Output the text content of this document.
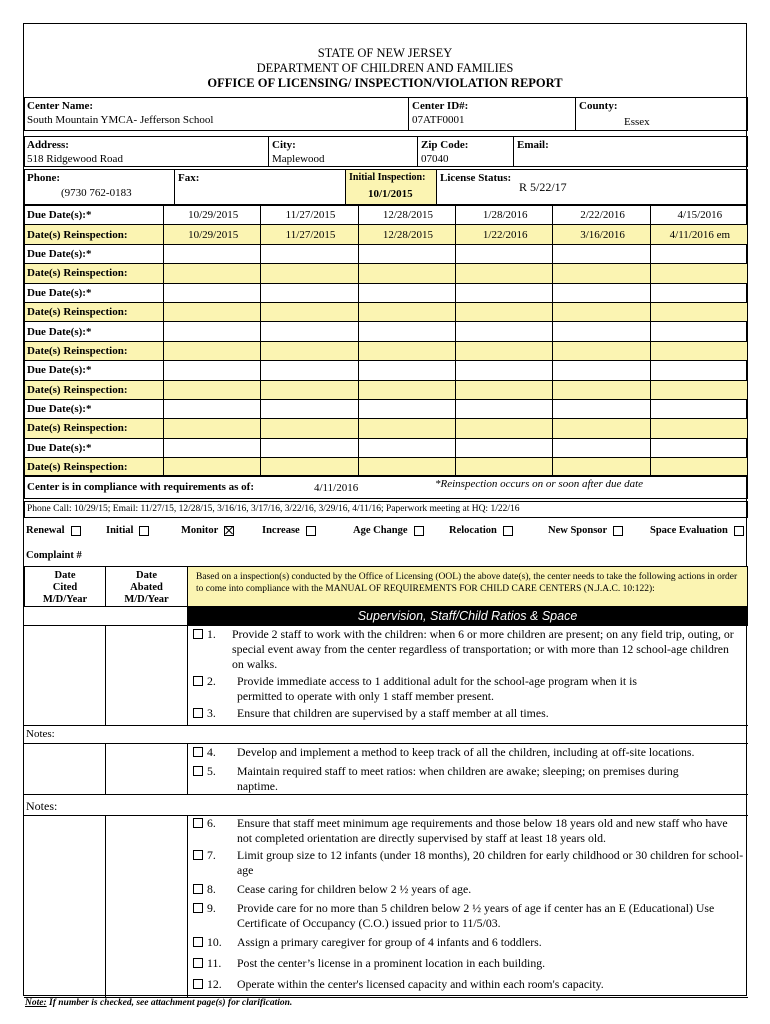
STATE OF NEW JERSEY
DEPARTMENT OF CHILDREN AND FAMILIES
OFFICE OF LICENSING/ INSPECTION/VIOLATION REPORT
Center Name:
South Mountain YMCA- Jefferson School
Center ID#:
07ATF0001
County:
Essex
Address:
518 Ridgewood Road
City:
Maplewood
Zip Code:
07040
Email:
Phone:
(9730 762-0183
Fax:	Initial Inspection:
10/1/2015
License Status:
R 5/22/17
Due Date(s):*	10/29/2015	11/27/2015	12/28/2015	1/28/2016	2/22/2016	4/15/2016
Date(s) Reinspection:	10/29/2015	11/27/2015	12/28/2015	1/22/2016	3/16/2016	4/11/2016 em
Due Date(s):*						
Date(s) Reinspection:						
Due Date(s):*						
Date(s) Reinspection:						
Due Date(s):*						
Date(s) Reinspection:						
Due Date(s):*						
Date(s) Reinspection:						
Due Date(s):*						
Date(s) Reinspection:						
Due Date(s):*						
Date(s) Reinspection:						
Center is in compliance with requirements as of:	4/11/2016	*Reinspection occurs on or soon after due date
Phone Call: 10/29/15; Email: 11/27/15, 12/28/15, 3/16/16, 3/17/16, 3/22/16, 3/29/16, 4/11/16; Paperwork meeting at HQ: 1/22/16
Renewal	Initial	Monitor	Increase	Age Change	Relocation	New Sponsor	Space Evaluation
Complaint #
Date
Cited
M/D/Year
Date
Abated
M/D/Year
Based on a inspection(s) conducted by the Office of Licensing (OOL) the above date(s), the center needs to take the following actions in order to come into compliance with the MANUAL OF REQUIREMENTS FOR CHILD CARE CENTERS (N.J.A.C. 10:122):
Supervision, Staff/Child Ratios & Space
Notes:
Notes:
1. Provide 2 staff to work with the children: when 6 or more children are present; on any field trip, outing, or special event away from the center regardless of transportation; or with more than 12 school-age children on walks.
2. Provide immediate access to 1 additional adult for the school-age program when it is permitted to operate with only 1 staff member present.
3. Ensure that children are supervised by a staff member at all times.
4. Develop and implement a method to keep track of all the children, including at off-site locations.
5. Maintain required staff to meet ratios: when children are awake; sleeping; on premises during naptime.
6. Ensure that staff meet minimum age requirements and those below 18 years old and new staff who have not completed orientation are directly supervised by staff at least 18 years old.
7. Limit group size to 12 infants (under 18 months), 20 children for early childhood or 30 children for school-age
8. Cease caring for children below 2 ½ years of age.
9. Provide care for no more than 5 children below 2 ½ years of age if center has an E (Educational) Use Certificate of Occupancy (C.O.) issued prior to 11/5/03.
10. Assign a primary caregiver for group of 4 infants and 6 toddlers.
11. Post the center’s license in a prominent location in each building.
12. Operate within the center's licensed capacity and within each room's capacity.
Note: If number is checked, see attachment page(s) for clarification.
